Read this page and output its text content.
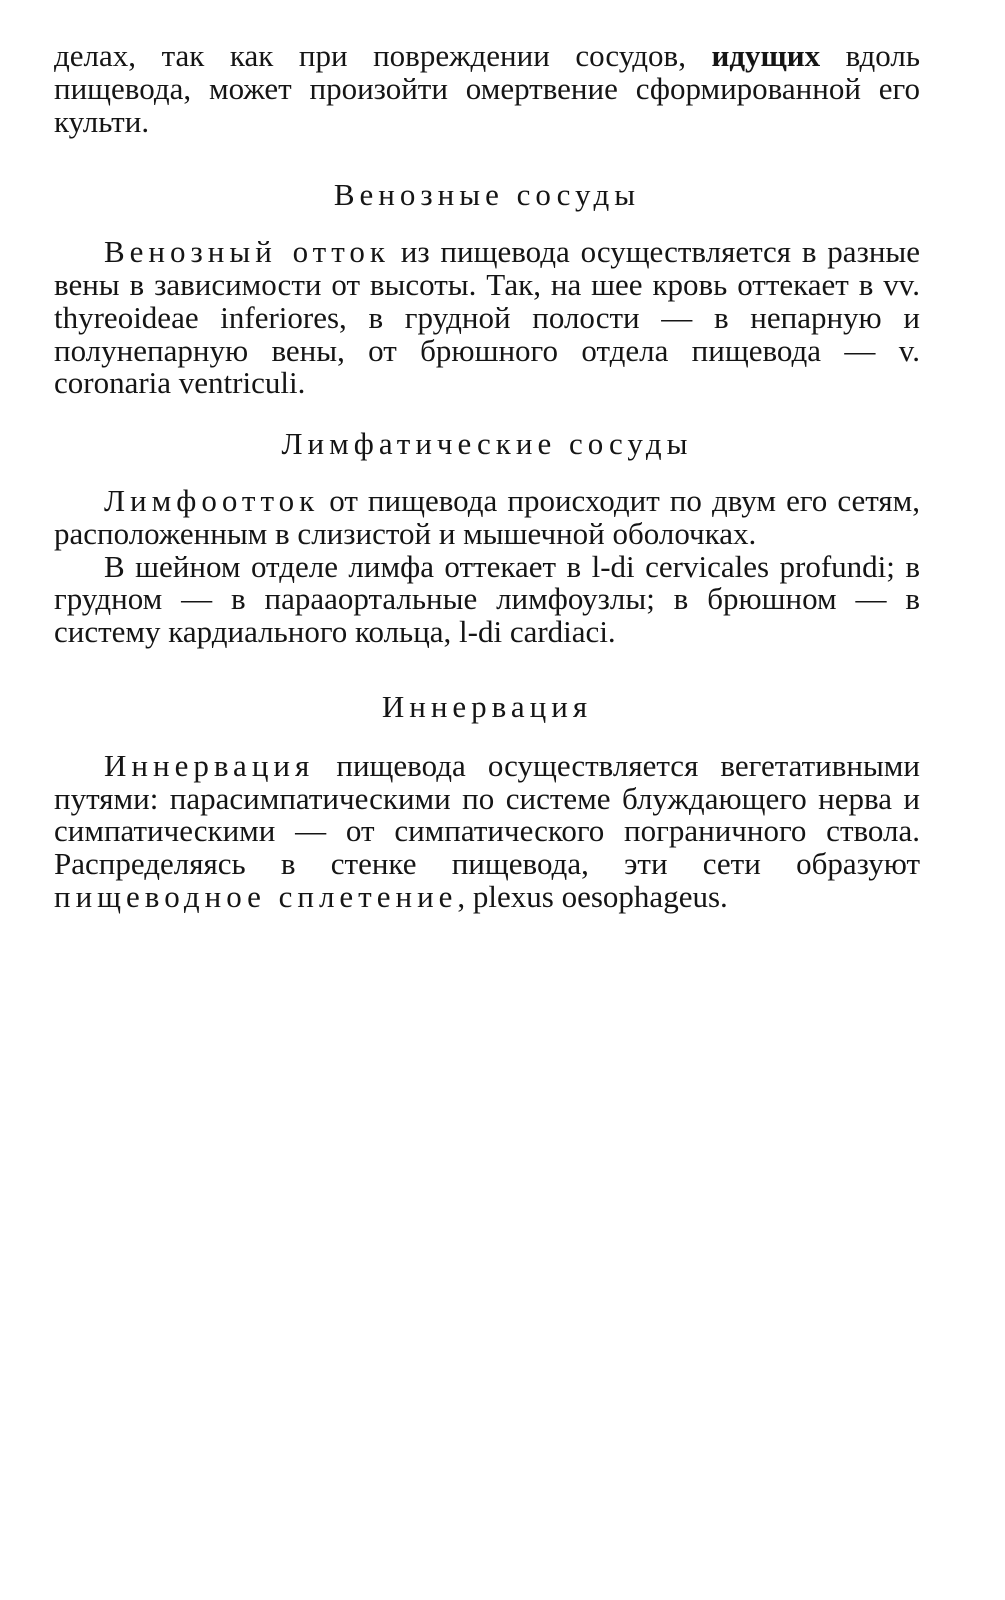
делах, так как при повреждении сосудов, идущих вдоль пищевода, может произойти омертвение сформированной его культи.

Венозные сосуды

Венозный отток из пищевода осуществляется в разные вены в зависимости от высоты. Так, на шее кровь оттекает в vv. thyreoideae inferiores, в грудной полости — в непарную и полунепарную вены, от брюшного отдела пищевода — v. coronaria ventriculi.

Лимфатические сосуды

Лимфоотток от пищевода происходит по двум его сетям, расположенным в слизистой и мышечной оболочках.

В шейном отделе лимфа оттекает в l-di cervicales profundi; в грудном — в парааортальные лимфоузлы; в брюшном — в систему кардиального кольца, l-di cardiaci.

Иннервация

Иннервация пищевода осуществляется вегетативными путями: парасимпатическими по системе блуждающего нерва и симпатическими — от симпатического пограничного ствола. Распределяясь в стенке пищевода, эти сети образуют пищеводное сплетение, plexus oesophageus.
